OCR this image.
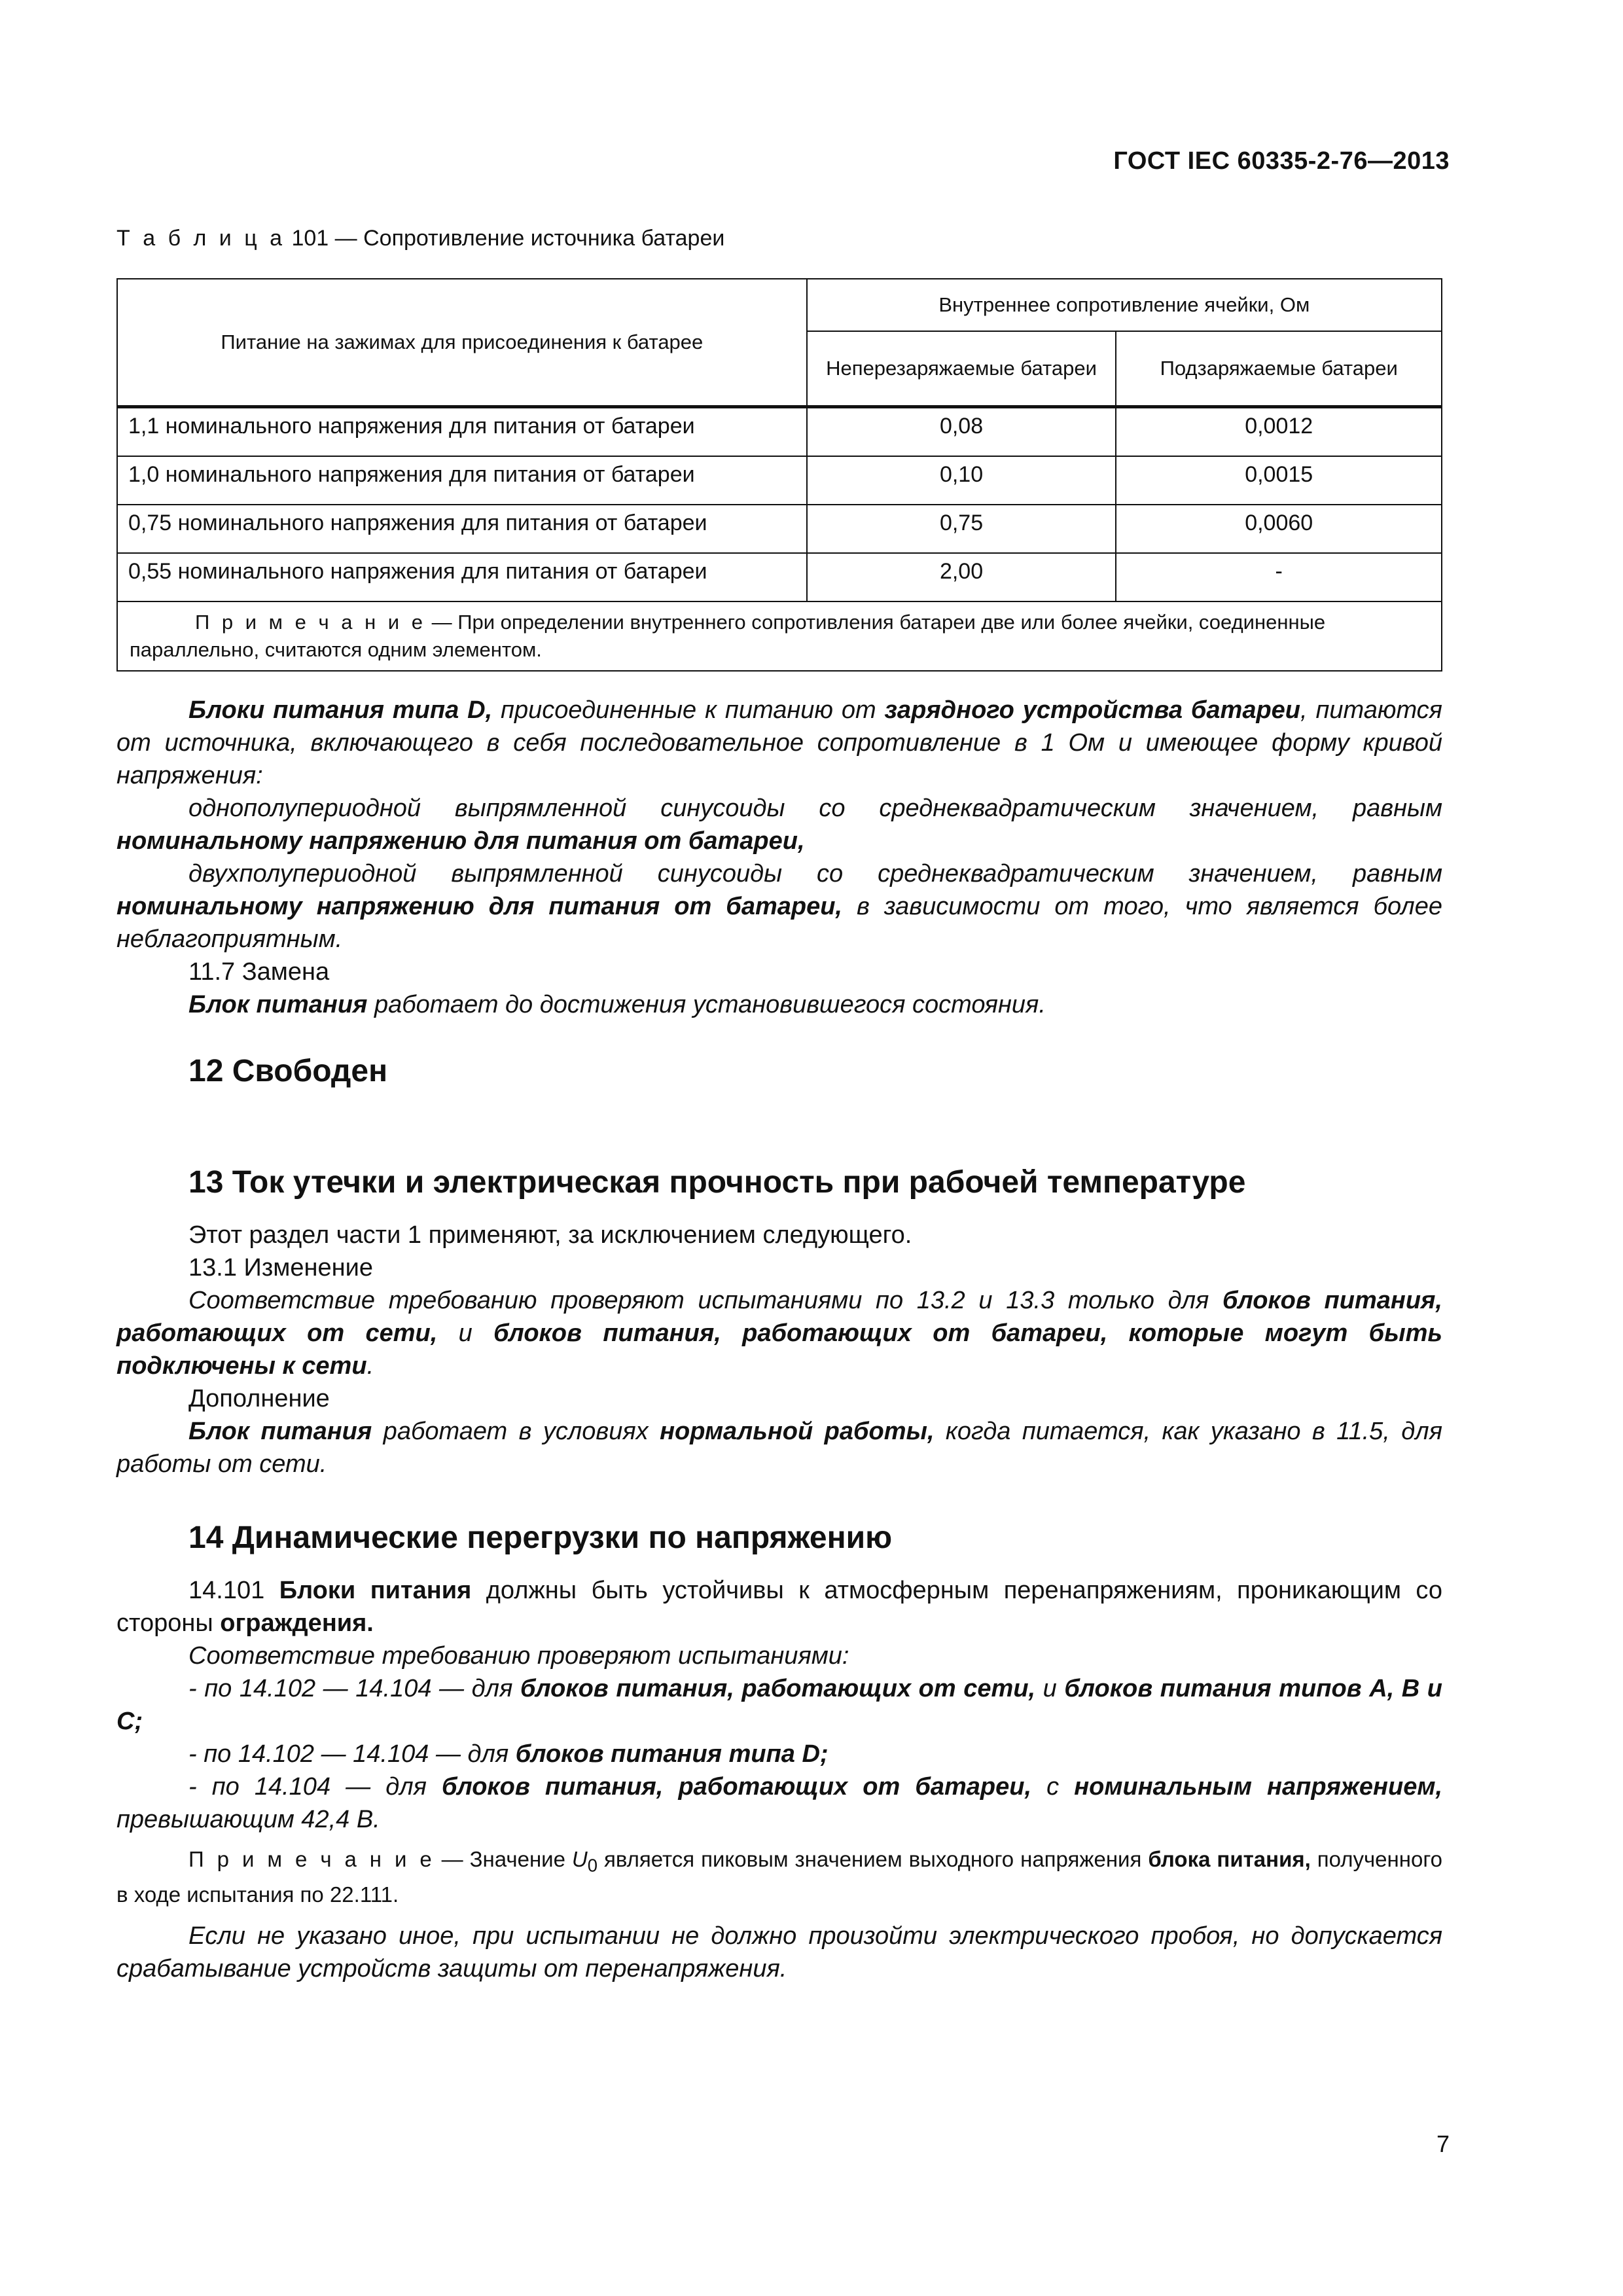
ГОСТ IEC 60335-2-76—2013
Т а б л и ц а 101 — Сопротивление источника батареи
Питание на зажимах для присоединения к батарее	Внутреннее сопротивление ячейки, Ом	
	Неперезаряжаемые батареи	Подзаряжаемые батареи
1,1 номинального напряжения для питания от батареи	0,08	0,0012
1,0 номинального напряжения для питания от батареи	0,10	0,0015
0,75 номинального напряжения для питания от батареи	0,75	0,0060
0,55 номинального напряжения для питания от батареи	2,00	-
П р и м е ч а н и е — При определении внутреннего сопротивления батареи две или более ячейки, соединенные параллельно, считаются одним элементом.		

Блоки питания типа D, присоединенные к питанию от зарядного устройства батареи, питаются от источника, включающего в себя последовательное сопротивление в 1 Ом и имеющее форму кривой напряжения:

однополупериодной выпрямленной синусоиды со среднеквадратическим значением, равным номинальному напряжению для питания от батареи,

двухполупериодной выпрямленной синусоиды со среднеквадратическим значением, равным номинальному напряжению для питания от батареи, в зависимости от того, что является более неблагоприятным.

11.7 Замена

Блок питания работает до достижения установившегося состояния.

12 Свободен

13 Ток утечки и электрическая прочность при рабочей температуре

Этот раздел части 1 применяют, за исключением следующего.

13.1 Изменение

Соответствие требованию проверяют испытаниями по 13.2 и 13.3 только для блоков питания, работающих от сети, и блоков питания, работающих от батареи, которые могут быть подключены к сети.

Дополнение

Блок питания работает в условиях нормальной работы, когда питается, как указано в 11.5, для работы от сети.

14 Динамические перегрузки по напряжению

14.101 Блоки питания должны быть устойчивы к атмосферным перенапряжениям, проникающим со стороны ограждения.

Соответствие требованию проверяют испытаниями:

- по 14.102 — 14.104 — для блоков питания, работающих от сети, и блоков питания типов А, В и С;

- по 14.102 — 14.104 — для блоков питания типа D;

- по 14.104 — для блоков питания, работающих от батареи, с номинальным напряжением, превышающим 42,4 В.

П р и м е ч а н и е — Значение $U_0$ является пиковым значением выходного напряжения блока питания, полученного в ходе испытания по 22.111.

Если не указано иное, при испытании не должно произойти электрического пробоя, но допускается срабатывание устройств защиты от перенапряжения.

7
